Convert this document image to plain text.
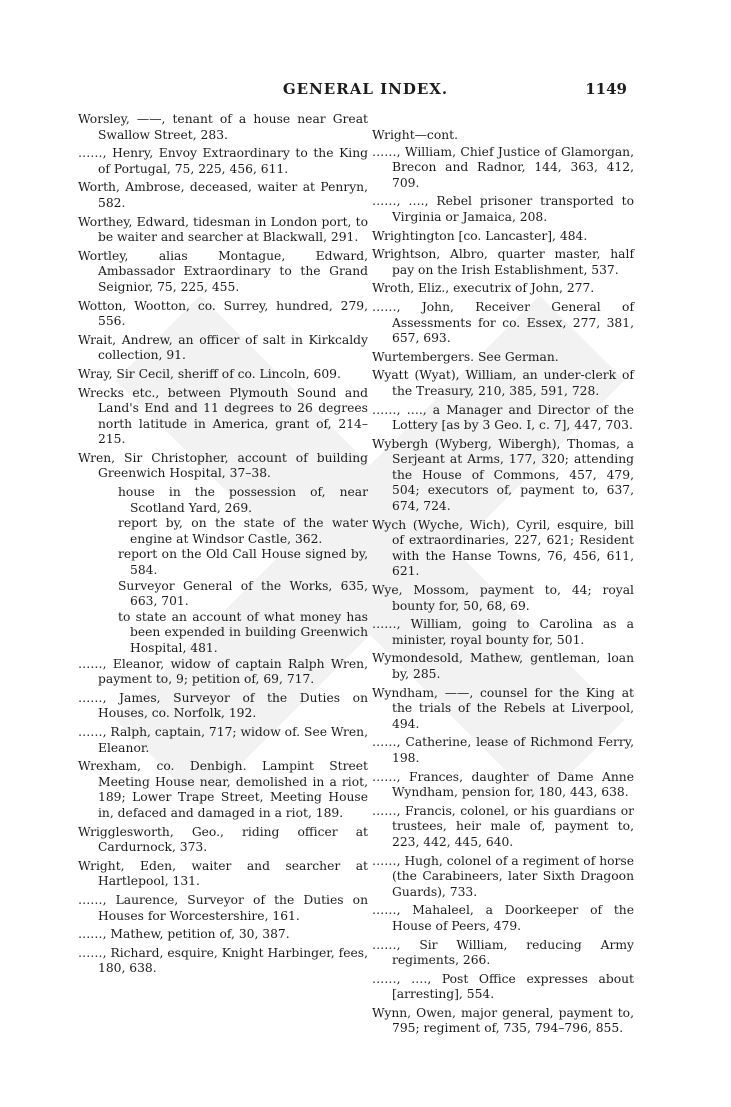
GENERAL INDEX.	1149
Worsley, ——, tenant of a house near Great Swallow Street, 283.
……, Henry, Envoy Extraordinary to the King of Portugal, 75, 225, 456, 611.
Worth, Ambrose, deceased, waiter at Penryn, 582.
Worthey, Edward, tidesman in London port, to be waiter and searcher at Blackwall, 291.
Wortley, alias Montague, Edward, Ambassador Extraordinary to the Grand Seignior, 75, 225, 455.
Wotton, Wootton, co. Surrey, hundred, 279, 556.
Wrait, Andrew, an officer of salt in Kirkcaldy collection, 91.
Wray, Sir Cecil, sheriff of co. Lincoln, 609.
Wrecks etc., between Plymouth Sound and Land's End and 11 degrees to 26 degrees north latitude in America, grant of, 214–215.
Wren, Sir Christopher, account of building Greenwich Hospital, 37–38.
house in the possession of, near Scotland Yard, 269.
report by, on the state of the water engine at Windsor Castle, 362.
report on the Old Call House signed by, 584.
Surveyor General of the Works, 635, 663, 701.
to state an account of what money has been expended in building Greenwich Hospital, 481.
……, Eleanor, widow of captain Ralph Wren, payment to, 9; petition of, 69, 717.
……, James, Surveyor of the Duties on Houses, co. Norfolk, 192.
……, Ralph, captain, 717; widow of. See Wren, Eleanor.
Wrexham, co. Denbigh. Lampint Street Meeting House near, demolished in a riot, 189; Lower Trape Street, Meeting House in, defaced and damaged in a riot, 189.
Wrigglesworth, Geo., riding officer at Cardurnock, 373.
Wright, Eden, waiter and searcher at Hartlepool, 131.
……, Laurence, Surveyor of the Duties on Houses for Worcestershire, 161.
……, Mathew, petition of, 30, 387.
……, Richard, esquire, Knight Harbinger, fees, 180, 638.
Wright—cont.
……, William, Chief Justice of Glamorgan, Brecon and Radnor, 144, 363, 412, 709.
……, …., Rebel prisoner transported to Virginia or Jamaica, 208.
Wrightington [co. Lancaster], 484.
Wrightson, Albro, quarter master, half pay on the Irish Establishment, 537.
Wroth, Eliz., executrix of John, 277.
……, John, Receiver General of Assessments for co. Essex, 277, 381, 657, 693.
Wurtembergers. See German.
Wyatt (Wyat), William, an under-clerk of the Treasury, 210, 385, 591, 728.
……, …., a Manager and Director of the Lottery [as by 3 Geo. I, c. 7], 447, 703.
Wybergh (Wyberg, Wibergh), Thomas, a Serjeant at Arms, 177, 320; attending the House of Commons, 457, 479, 504; executors of, payment to, 637, 674, 724.
Wych (Wyche, Wich), Cyril, esquire, bill of extraordinaries, 227, 621; Resident with the Hanse Towns, 76, 456, 611, 621.
Wye, Mossom, payment to, 44; royal bounty for, 50, 68, 69.
……, William, going to Carolina as a minister, royal bounty for, 501.
Wymondesold, Mathew, gentleman, loan by, 285.
Wyndham, ——, counsel for the King at the trials of the Rebels at Liverpool, 494.
……, Catherine, lease of Richmond Ferry, 198.
……, Frances, daughter of Dame Anne Wyndham, pension for, 180, 443, 638.
……, Francis, colonel, or his guardians or trustees, heir male of, payment to, 223, 442, 445, 640.
……, Hugh, colonel of a regiment of horse (the Carabineers, later Sixth Dragoon Guards), 733.
……, Mahaleel, a Doorkeeper of the House of Peers, 479.
……, Sir William, reducing Army regiments, 266.
……, …., Post Office expresses about [arresting], 554.
Wynn, Owen, major general, payment to, 795; regiment of, 735, 794–796, 855.
